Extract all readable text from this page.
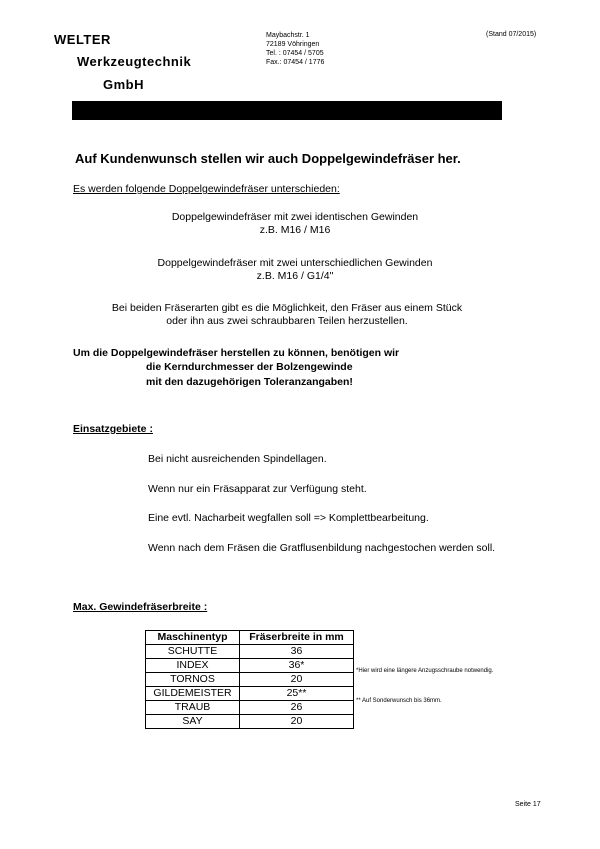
WELTER
Werkzeugtechnik
GmbH
Maybachstr. 1
72189 Vöhringen
Tel. : 07454 / 5705
Fax.: 07454 / 1776
(Stand 07/2015)
Auf Kundenwunsch stellen wir auch Doppelgewindefräser her.
Es werden folgende Doppelgewindefräser unterschieden:
Doppelgewindefräser mit zwei identischen Gewinden
z.B. M16 / M16
Doppelgewindefräser mit zwei unterschiedlichen Gewinden
z.B. M16 / G1/4"
Bei beiden Fräserarten gibt es die Möglichkeit, den Fräser aus einem Stück
oder ihn aus zwei schraubbaren Teilen herzustellen.
Um die Doppelgewindefräser herstellen zu können, benötigen wir
die Kerndurchmesser der Bolzengewinde
mit den dazugehörigen Toleranzangaben!
Einsatzgebiete :
Bei nicht ausreichenden Spindellagen.
Wenn nur ein Fräsapparat zur Verfügung steht.
Eine evtl. Nacharbeit wegfallen soll => Komplettbearbeitung.
Wenn nach dem Fräsen die Gratflusenbildung nachgestochen werden soll.
Max. Gewindefräserbreite :
Maschinentyp	Fräserbreite in mm
SCHUTTE	36
INDEX	36*
TORNOS	20
GILDEMEISTER	25**
TRAUB	26
SAY	20
*Hier wird eine längere Anzugsschraube notwendig.
** Auf Sonderwunsch bis 36mm.
Seite 17
